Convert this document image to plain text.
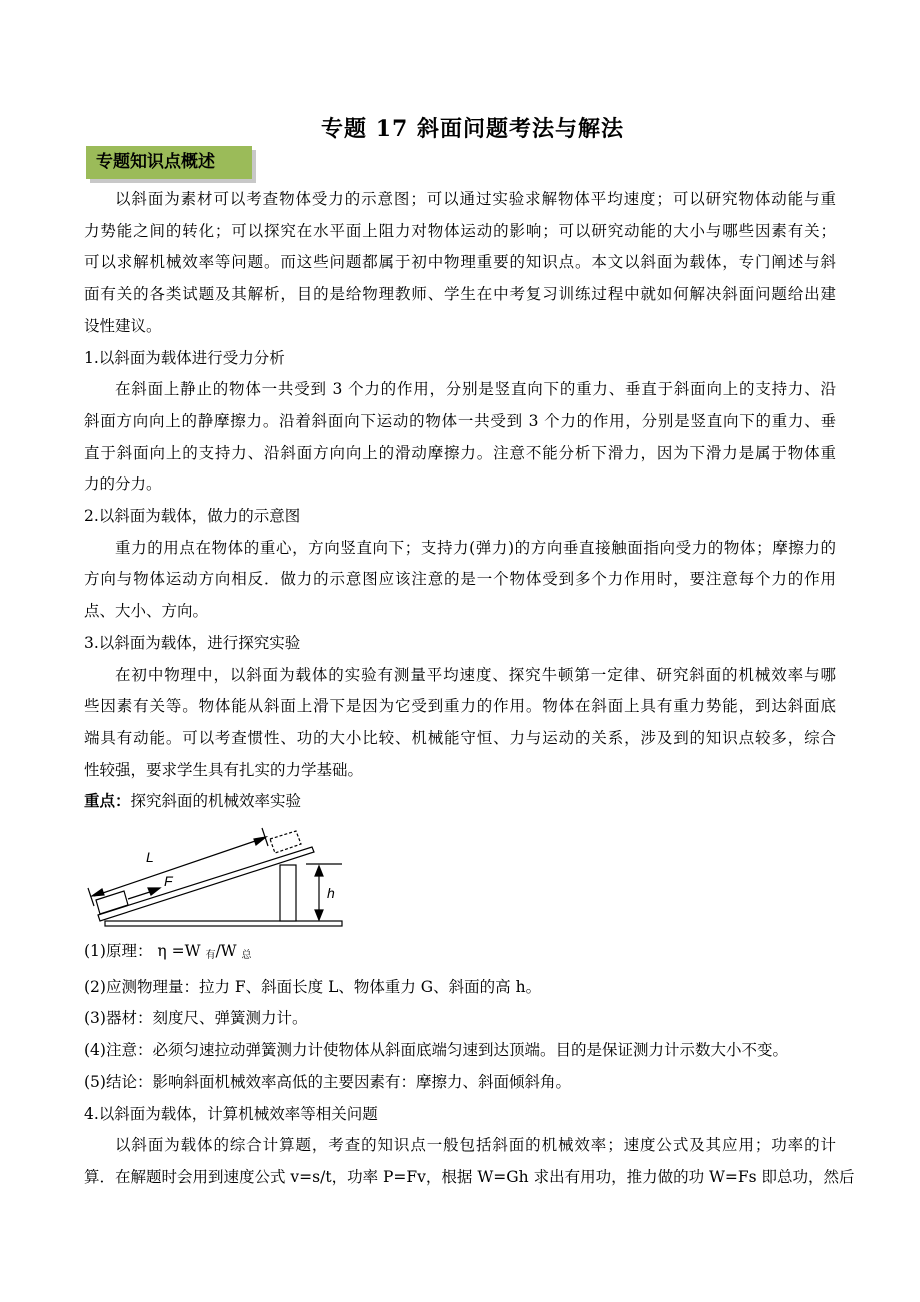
专题 17 斜面问题考法与解法
专题知识点概述
以斜面为素材可以考查物体受力的示意图；可以通过实验求解物体平均速度；可以研究物体动能与重
力势能之间的转化；可以探究在水平面上阻力对物体运动的影响；可以研究动能的大小与哪些因素有关；
可以求解机械效率等问题。而这些问题都属于初中物理重要的知识点。本文以斜面为载体，专门阐述与斜
面有关的各类试题及其解析，目的是给物理教师、学生在中考复习训练过程中就如何解决斜面问题给出建
设性建议。
1.以斜面为载体进行受力分析
在斜面上静止的物体一共受到 3 个力的作用，分别是竖直向下的重力、垂直于斜面向上的支持力、沿
斜面方向向上的静摩擦力。沿着斜面向下运动的物体一共受到 3 个力的作用，分别是竖直向下的重力、垂
直于斜面向上的支持力、沿斜面方向向上的滑动摩擦力。注意不能分析下滑力，因为下滑力是属于物体重
力的分力。
2.以斜面为载体，做力的示意图
重力的用点在物体的重心，方向竖直向下；支持力(弹力)的方向垂直接触面指向受力的物体；摩擦力的
方向与物体运动方向相反．做力的示意图应该注意的是一个物体受到多个力作用时，要注意每个力的作用
点、大小、方向。
3.以斜面为载体，进行探究实验
在初中物理中，以斜面为载体的实验有测量平均速度、探究牛顿第一定律、研究斜面的机械效率与哪
些因素有关等。物体能从斜面上滑下是因为它受到重力的作用。物体在斜面上具有重力势能，到达斜面底
端具有动能。可以考查惯性、功的大小比较、机械能守恒、力与运动的关系，涉及到的知识点较多，综合
性较强，要求学生具有扎实的力学基础。
重点：探究斜面的机械效率实验
L
F
h
(1)原理： η =W $_有$/W $_总$
(2)应测物理量：拉力 F、斜面长度 L、物体重力 G、斜面的高 h。
(3)器材：刻度尺、弹簧测力计。
(4)注意：必须匀速拉动弹簧测力计使物体从斜面底端匀速到达顶端。目的是保证测力计示数大小不变。
(5)结论：影响斜面机械效率高低的主要因素有：摩擦力、斜面倾斜角。
4.以斜面为载体，计算机械效率等相关问题
以斜面为载体的综合计算题，考查的知识点一般包括斜面的机械效率；速度公式及其应用；功率的计
算．在解题时会用到速度公式 v=s/t，功率 P=Fv，根据 W=Gh 求出有用功，推力做的功 W=Fs 即总功，然后
